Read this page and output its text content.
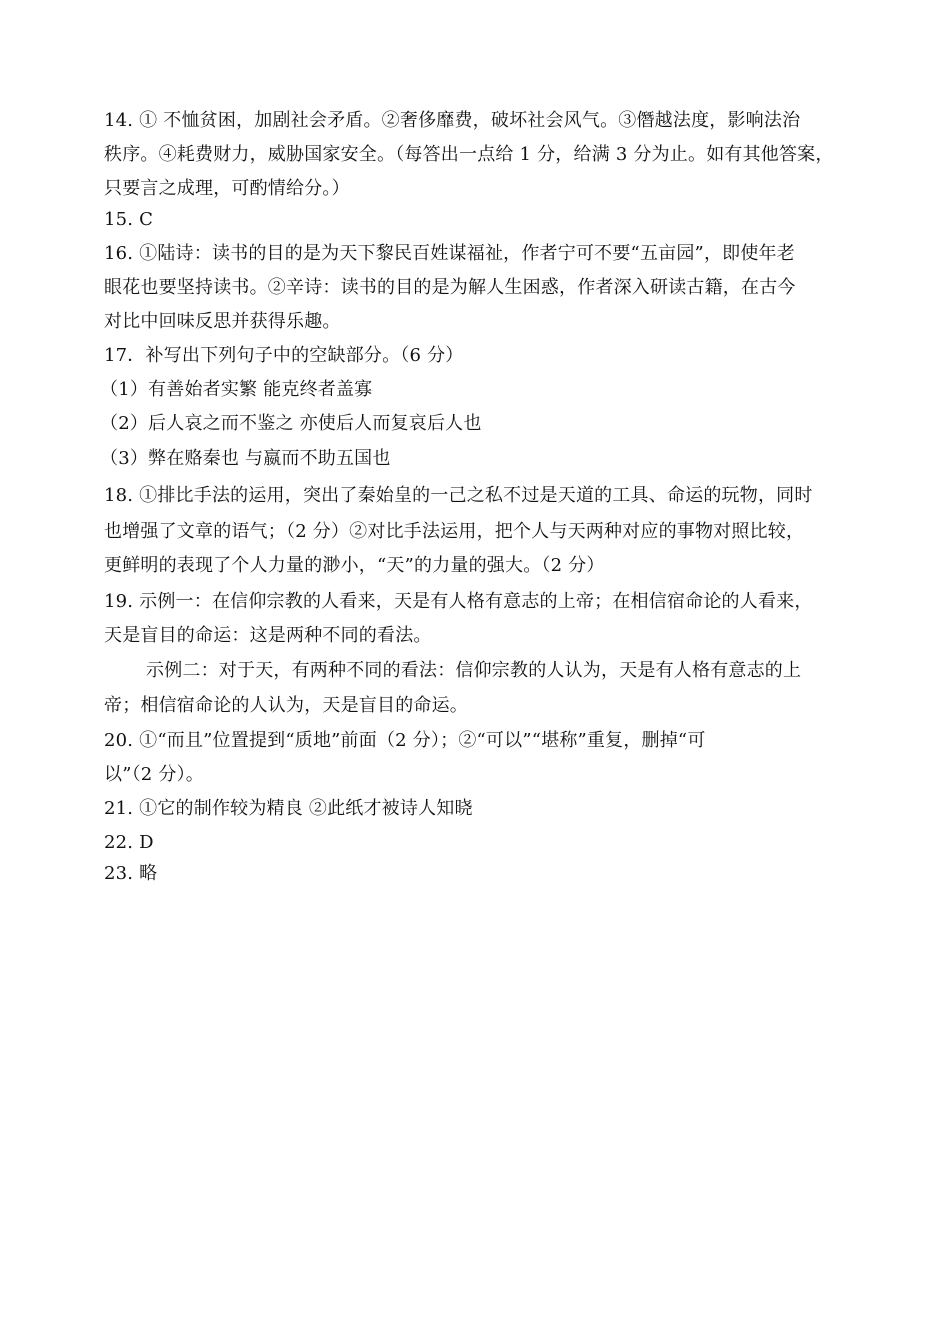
14. ① 不恤贫困，加剧社会矛盾。②奢侈靡费，破坏社会风气。③僭越法度，影响法治
秩序。④耗费财力，威胁国家安全。（每答出一点给 1 分，给满 3 分为止。如有其他答案，
只要言之成理，可酌情给分。）
15. C
16. ①陆诗：读书的目的是为天下黎民百姓谋福祉，作者宁可不要“五亩园”，即使年老
眼花也要坚持读书。②辛诗：读书的目的是为解人生困惑，作者深入研读古籍，在古今
对比中回味反思并获得乐趣。
17．补写出下列句子中的空缺部分。（6 分）
（1）有善始者实繁 能克终者盖寡
（2）后人哀之而不鉴之 亦使后人而复哀后人也
（3）弊在赂秦也 与嬴而不助五国也
18. ①排比手法的运用，突出了秦始皇的一己之私不过是天道的工具、命运的玩物，同时
也增强了文章的语气；（2 分）②对比手法运用，把个人与天两种对应的事物对照比较，
更鲜明的表现了个人力量的渺小，“天”的力量的强大。（2 分）
19. 示例一：在信仰宗教的人看来，天是有人格有意志的上帝；在相信宿命论的人看来，
天是盲目的命运：这是两种不同的看法。
示例二：对于天，有两种不同的看法：信仰宗教的人认为，天是有人格有意志的上
帝；相信宿命论的人认为，天是盲目的命运。
20. ①“而且”位置提到“质地”前面（2 分）；②“可以”“堪称”重复，删掉“可
以”（2 分）。
21. ①它的制作较为精良 ②此纸才被诗人知晓
22. D
23. 略
